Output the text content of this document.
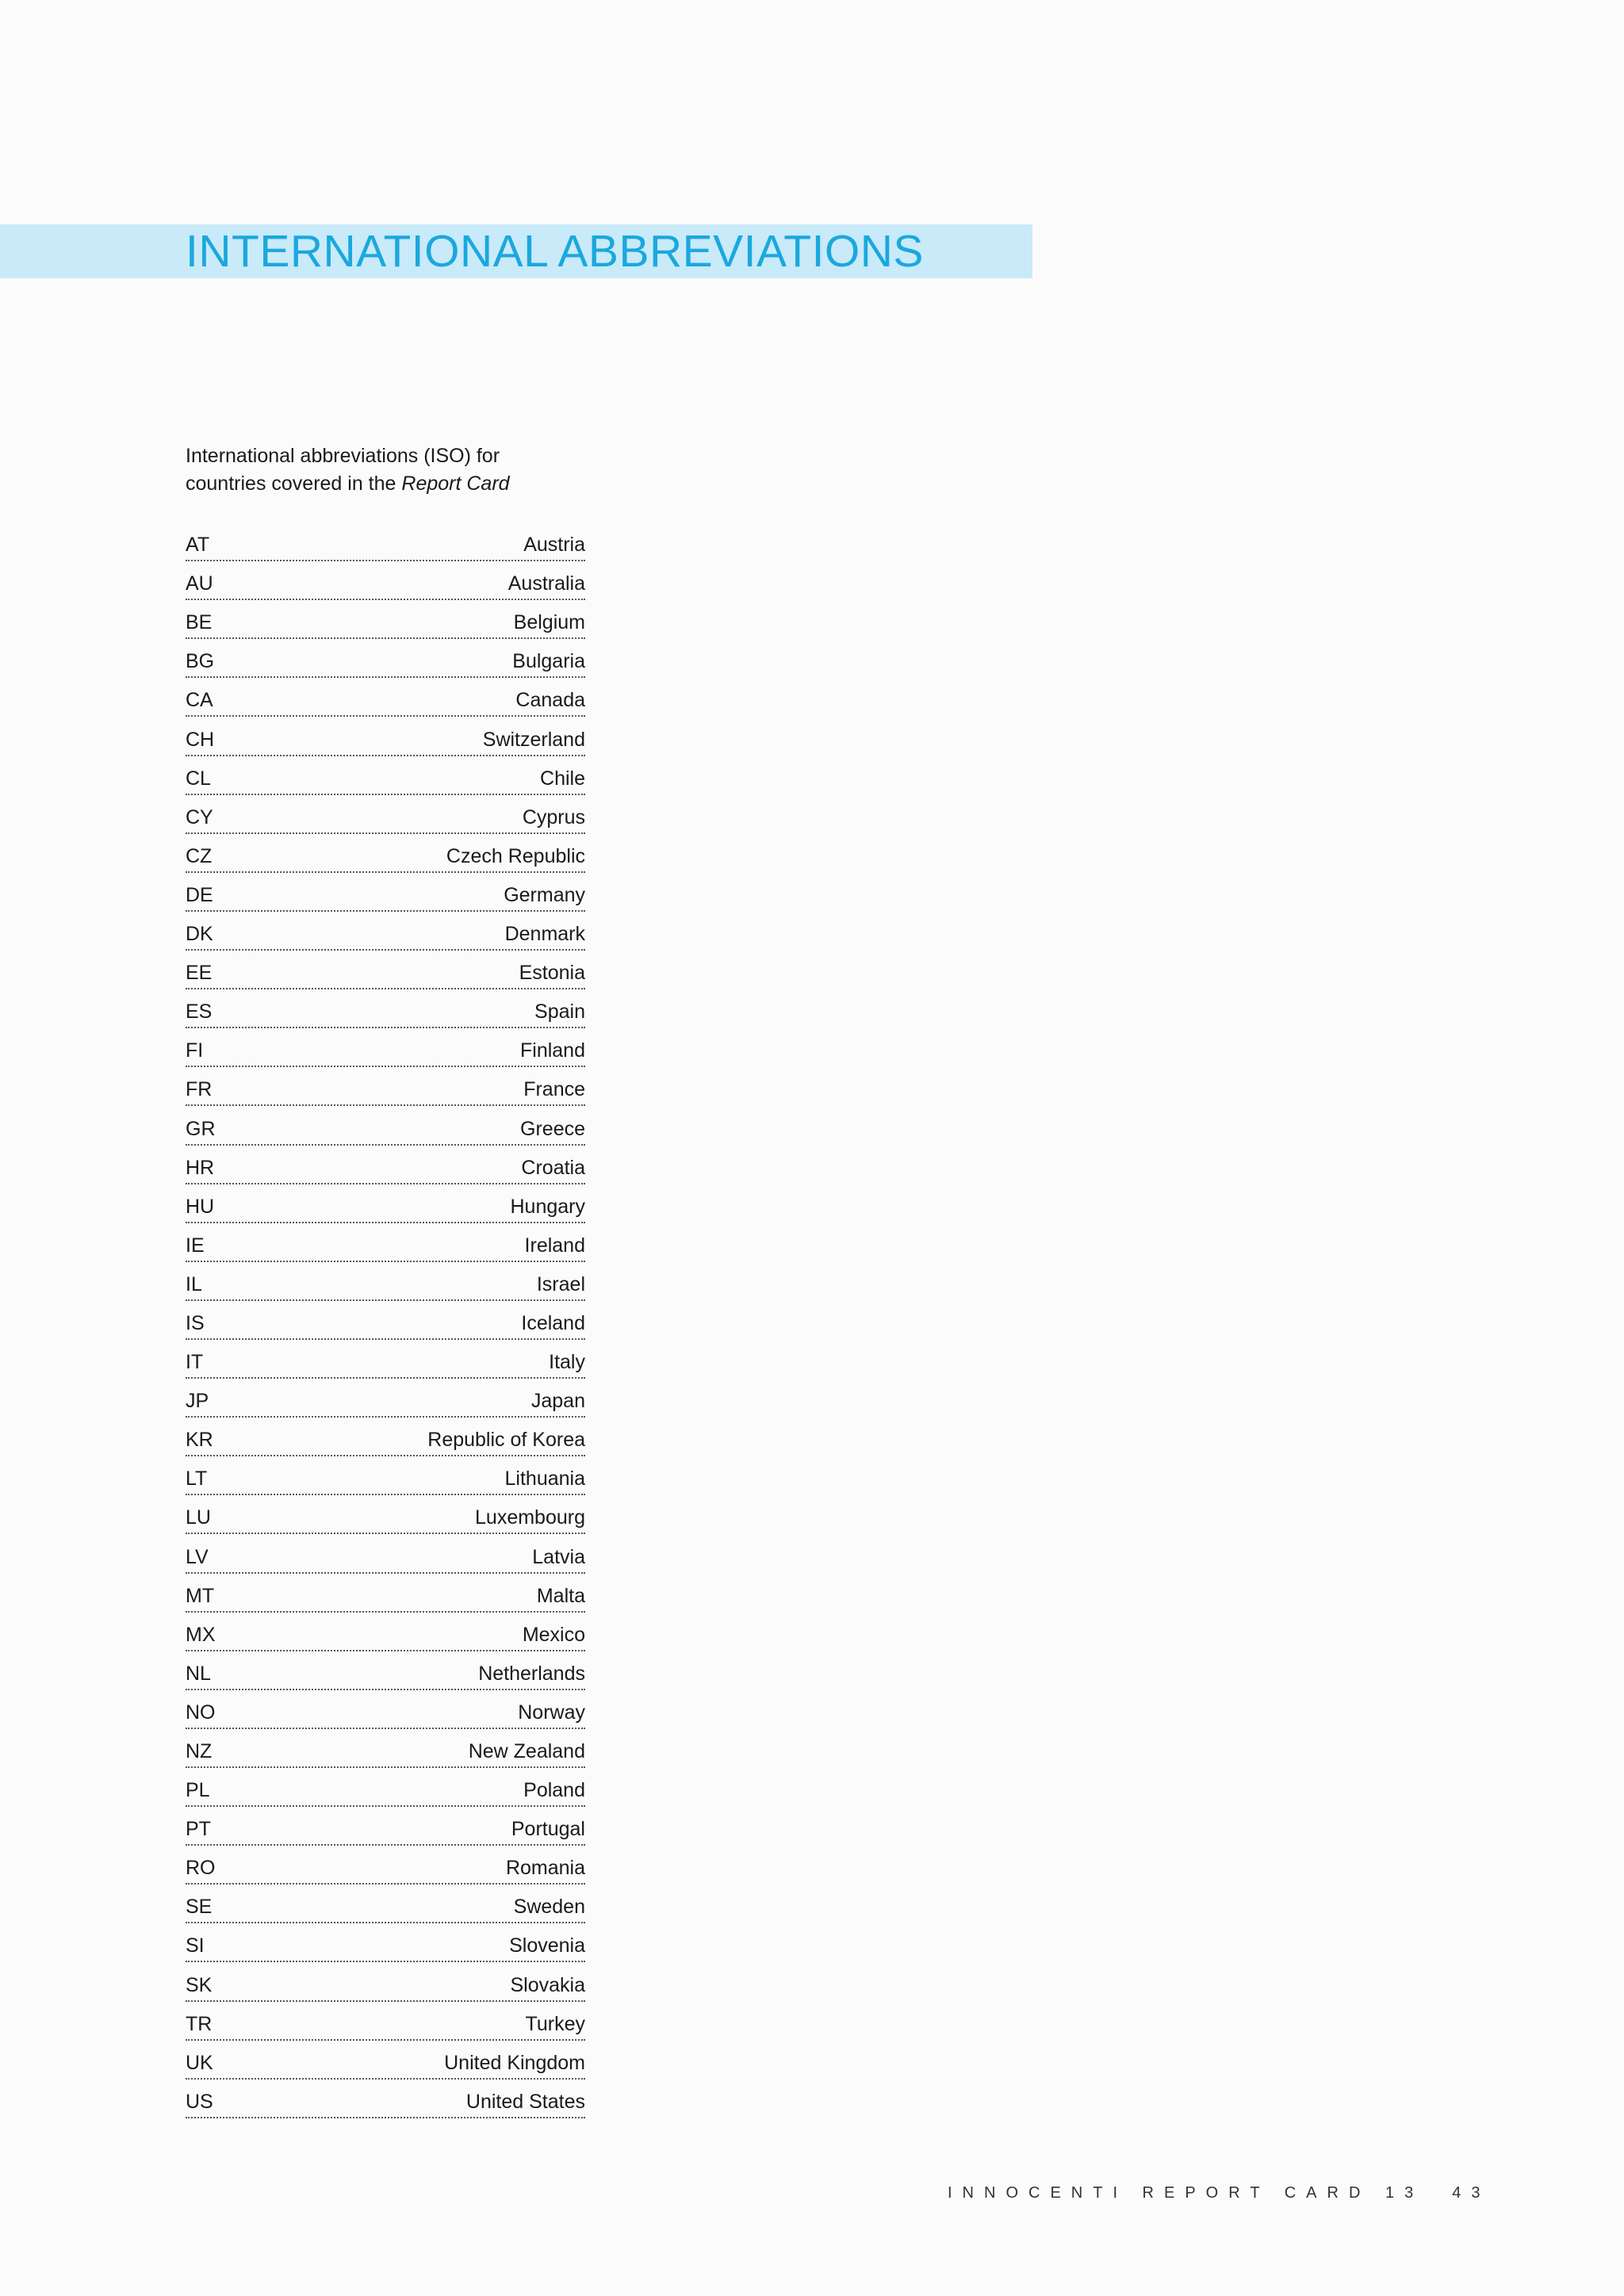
INTERNATIONAL ABBREVIATIONS
International abbreviations (ISO) for
countries covered in the Report Card
AT	Austria
AU	Australia
BE	Belgium
BG	Bulgaria
CA	Canada
CH	Switzerland
CL	Chile
CY	Cyprus
CZ	Czech Republic
DE	Germany
DK	Denmark
EE	Estonia
ES	Spain
FI	Finland
FR	France
GR	Greece
HR	Croatia
HU	Hungary
IE	Ireland
IL	Israel
IS	Iceland
IT	Italy
JP	Japan
KR	Republic of Korea
LT	Lithuania
LU	Luxembourg
LV	Latvia
MT	Malta
MX	Mexico
NL	Netherlands
NO	Norway
NZ	New Zealand
PL	Poland
PT	Portugal
RO	Romania
SE	Sweden
SI	Slovenia
SK	Slovakia
TR	Turkey
UK	United Kingdom
US	United States
INNOCENTI REPORT CARD 13 43
